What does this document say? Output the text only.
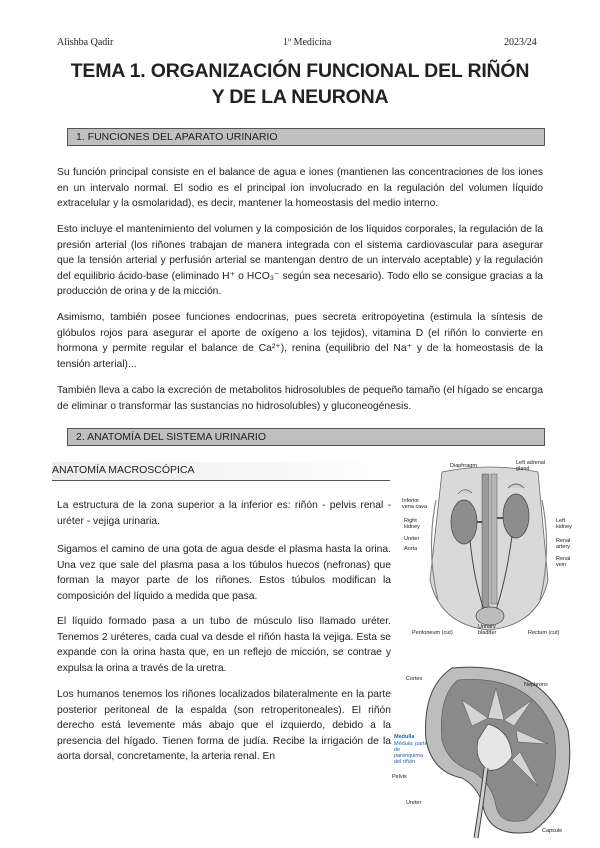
Alishba Qadir	1º Medicina	2023/24
TEMA 1. ORGANIZACIÓN FUNCIONAL DEL RIÑÓN
Y DE LA NEURONA
1. FUNCIONES DEL APARATO URINARIO
Su función principal consiste en el balance de agua e iones (mantienen las concentraciones de los iones en un intervalo normal. El sodio es el principal ion involucrado en la regulación del volumen líquido extracelular y la osmolaridad), es decir, mantener la homeostasis del medio interno.
Esto incluye el mantenimiento del volumen y la composición de los líquidos corporales, la regulación de la presión arterial (los riñones trabajan de manera integrada con el sistema cardiovascular para asegurar que la tensión arterial y perfusión arterial se mantengan dentro de un intervalo aceptable) y la regulación del equilibrio ácido-base (eliminado H⁺ o HCO₃⁻ según sea necesario). Todo ello se consigue gracias a la producción de orina y de la micción.
Asimismo, también posee funciones endocrinas, pues secreta eritropoyetina (estimula la síntesis de glóbulos rojos para asegurar el aporte de oxígeno a los tejidos), vitamina D (el riñón lo convierte en hormona y permite regular el balance de Ca²⁺), renina (equilibrio del Na⁺ y de la homeostasis de la tensión arterial)...
También lleva a cabo la excreción de metabolitos hidrosolubles de pequeño tamaño (el hígado se encarga de eliminar o transformar las sustancias no hidrosolubles) y gluconeogénesis.
2. ANATOMÍA DEL SISTEMA URINARIO
ANATOMÍA MACROSCÓPICA
La estructura de la zona superior a la inferior es: riñón - pelvis renal - uréter - vejiga urinaria.
Sigamos el camino de una gota de agua desde el plasma hasta la orina. Una vez que sale del plasma pasa a los túbulos huecos (nefronas) que forman la mayor parte de los riñones. Estos túbulos modifican la composición del líquido a medida que pasa.
El líquido formado pasa a un tubo de músculo liso llamado uréter. Tenemos 2 uréteres, cada cual va desde el riñón hasta la vejiga. Esta se expande con la orina hasta que, en un reflejo de micción, se contrae y expulsa la orina a través de la uretra.
Los humanos tenemos los riñones localizados bilateralmente en la parte posterior peritoneal de la espalda (son retroperitoneales). El riñón derecho está levemente más abajo que el izquierdo, debido a la presencia del hígado. Tienen forma de judía. Recibe la irrigación de la aorta dorsal, concretamente, la arteria renal. En
Diaphragm	Left adrenal gland
Inferior vena cava
Right kidney
Ureter
Aorta
Left kidney
Renal artery
Renal vein
Peritoneum (cut)
Urinary bladder	Rectum (cut)
Cortex
Nephrons
Medulla
Médula: parte de parénquima del riñón
Pelvis
Ureter
Capsule
